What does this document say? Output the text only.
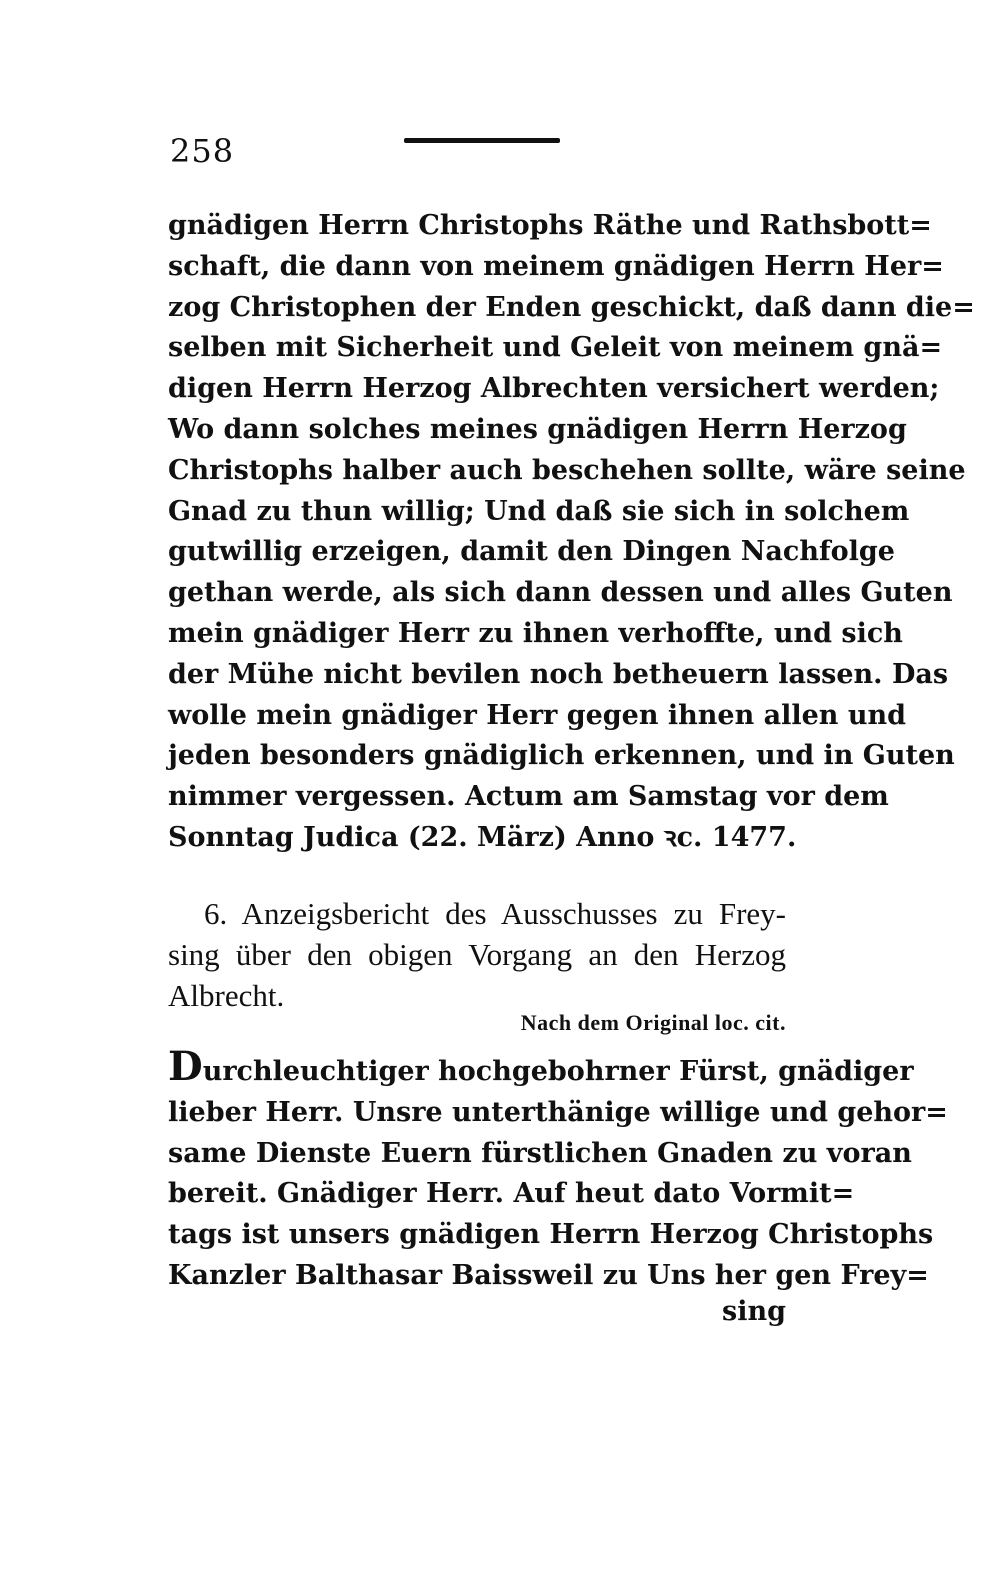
258
gnädigen Herrn Christophs Räthe und Rathsbott=
schaft, die dann von meinem gnädigen Herrn Her=
zog Christophen der Enden geschickt, daß dann die=
selben mit Sicherheit und Geleit von meinem gnä=
digen Herrn Herzog Albrechten versichert werden;
Wo dann solches meines gnädigen Herrn Herzog
Christophs halber auch beschehen sollte, wäre seine
Gnad zu thun willig; Und daß sie sich in solchem
gutwillig erzeigen, damit den Dingen Nachfolge
gethan werde, als sich dann dessen und alles Guten
mein gnädiger Herr zu ihnen verhoffte, und sich
der Mühe nicht bevilen noch betheuern lassen. Das
wolle mein gnädiger Herr gegen ihnen allen und
jeden besonders gnädiglich erkennen, und in Guten
nimmer vergessen. Actum am Samstag vor dem
Sonntag Judica (22. März) Anno ꝛc. 1477.
6. Anzeigsbericht des Ausschusses zu Frey-
sing über den obigen Vorgang an den Herzog
Albrecht.
Nach dem Original loc. cit.
Durchleuchtiger hochgebohrner Fürst, gnädiger
lieber Herr. Unsre unterthänige willige und gehor=
same Dienste Euern fürstlichen Gnaden zu voran
bereit. Gnädiger Herr. Auf heut dato Vormit=
tags ist unsers gnädigen Herrn Herzog Christophs
Kanzler Balthasar Baissweil zu Uns her gen Frey=
sing
